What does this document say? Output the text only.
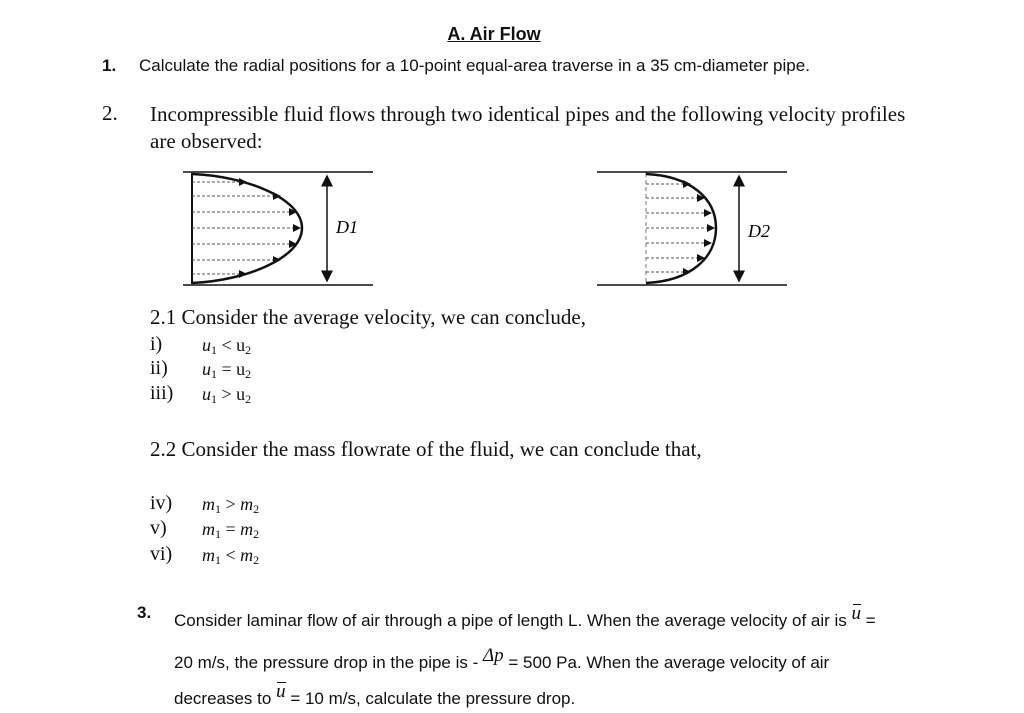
A. Air Flow
1. Calculate the radial positions for a 10-point equal-area traverse in a 35 cm-diameter pipe.
2. Incompressible fluid flows through two identical pipes and the following velocity profiles
are observed:
D1	D2
2.1 Consider the average velocity, we can conclude,
i) $u_1 < u_2$
ii) $u_1 = u_2$
iii) $u_1 > u_2$
2.2 Consider the mass flowrate of the fluid, we can conclude that,
iv) $m_1 > m_2$
v) $m_1 = m_2$
vi) $m_1 < m_2$
3. Consider laminar flow of air through a pipe of length L. When the average velocity of air is u =
20 m/s, the pressure drop in the pipe is - Δp = 500 Pa. When the average velocity of air
decreases to u = 10 m/s, calculate the pressure drop.
